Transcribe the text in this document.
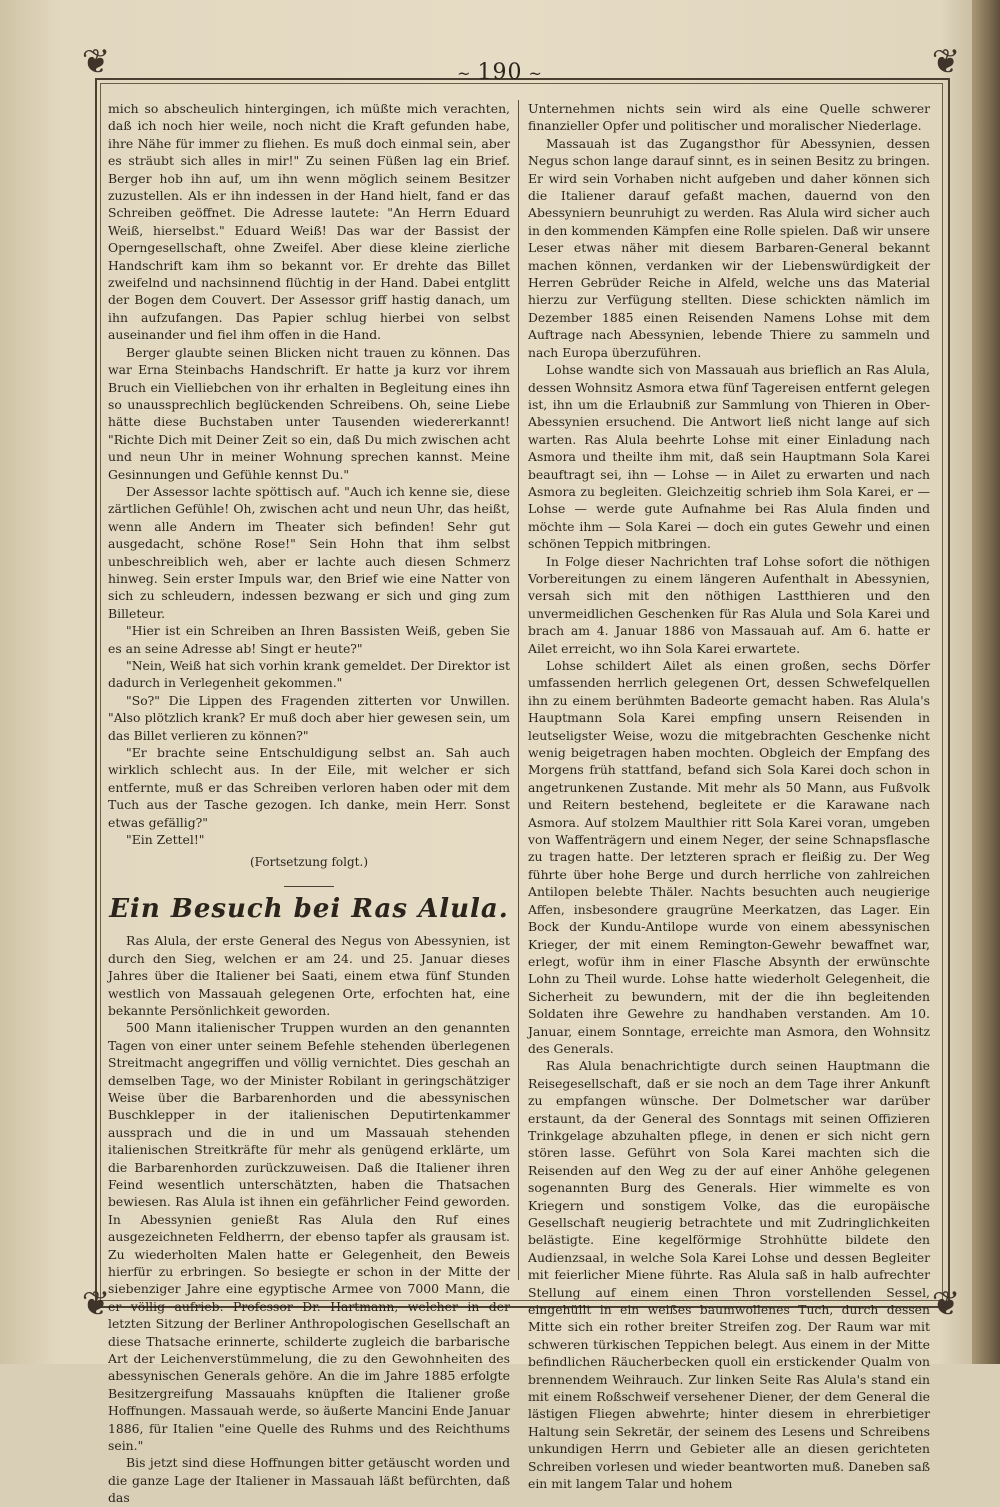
❦	❦
❦	❦
~ 190 ~

mich so abscheulich hintergingen, ich müßte mich verachten, daß ich noch hier weile, noch nicht die Kraft gefunden habe, ihre Nähe für immer zu fliehen. Es muß doch einmal sein, aber es sträubt sich alles in mir!" Zu seinen Füßen lag ein Brief. Berger hob ihn auf, um ihn wenn möglich seinem Besitzer zuzustellen. Als er ihn indessen in der Hand hielt, fand er das Schreiben geöffnet. Die Adresse lautete: "An Herrn Eduard Weiß, hierselbst." Eduard Weiß! Das war der Bassist der Operngesellschaft, ohne Zweifel. Aber diese kleine zierliche Handschrift kam ihm so bekannt vor. Er drehte das Billet zweifelnd und nachsinnend flüchtig in der Hand. Dabei entglitt der Bogen dem Couvert. Der Assessor griff hastig danach, um ihn aufzufangen. Das Papier schlug hierbei von selbst auseinander und fiel ihm offen in die Hand.

Berger glaubte seinen Blicken nicht trauen zu können. Das war Erna Steinbachs Handschrift. Er hatte ja kurz vor ihrem Bruch ein Vielliebchen von ihr erhalten in Begleitung eines ihn so unaussprechlich beglückenden Schreibens. Oh, seine Liebe hätte diese Buchstaben unter Tausenden wiedererkannt! "Richte Dich mit Deiner Zeit so ein, daß Du mich zwischen acht und neun Uhr in meiner Wohnung sprechen kannst. Meine Gesinnungen und Gefühle kennst Du."

Der Assessor lachte spöttisch auf. "Auch ich kenne sie, diese zärtlichen Gefühle! Oh, zwischen acht und neun Uhr, das heißt, wenn alle Andern im Theater sich befinden! Sehr gut ausgedacht, schöne Rose!" Sein Hohn that ihm selbst unbeschreiblich weh, aber er lachte auch diesen Schmerz hinweg. Sein erster Impuls war, den Brief wie eine Natter von sich zu schleudern, indessen bezwang er sich und ging zum Billeteur.

"Hier ist ein Schreiben an Ihren Bassisten Weiß, geben Sie es an seine Adresse ab! Singt er heute?"

"Nein, Weiß hat sich vorhin krank gemeldet. Der Direktor ist dadurch in Verlegenheit gekommen."

"So?" Die Lippen des Fragenden zitterten vor Unwillen. "Also plötzlich krank? Er muß doch aber hier gewesen sein, um das Billet verlieren zu können?"

"Er brachte seine Entschuldigung selbst an. Sah auch wirklich schlecht aus. In der Eile, mit welcher er sich entfernte, muß er das Schreiben verloren haben oder mit dem Tuch aus der Tasche gezogen. Ich danke, mein Herr. Sonst etwas gefällig?"

"Ein Zettel!"

(Fortsetzung folgt.)
Ein Besuch bei Ras Alula.

Ras Alula, der erste General des Negus von Abessynien, ist durch den Sieg, welchen er am 24. und 25. Januar dieses Jahres über die Italiener bei Saati, einem etwa fünf Stunden westlich von Massauah gelegenen Orte, erfochten hat, eine bekannte Persönlichkeit geworden.

500 Mann italienischer Truppen wurden an den genannten Tagen von einer unter seinem Befehle stehenden überlegenen Streitmacht angegriffen und völlig vernichtet. Dies geschah an demselben Tage, wo der Minister Robilant in geringschätziger Weise über die Barbarenhorden und die abessynischen Buschklepper in der italienischen Deputirtenkammer aussprach und die in und um Massauah stehenden italienischen Streitkräfte für mehr als genügend erklärte, um die Barbarenhorden zurückzuweisen. Daß die Italiener ihren Feind wesentlich unterschätzten, haben die Thatsachen bewiesen. Ras Alula ist ihnen ein gefährlicher Feind geworden. In Abessynien genießt Ras Alula den Ruf eines ausgezeichneten Feldherrn, der ebenso tapfer als grausam ist. Zu wiederholten Malen hatte er Gelegenheit, den Beweis hierfür zu erbringen. So besiegte er schon in der Mitte der siebenziger Jahre eine egyptische Armee von 7000 Mann, die er völlig aufrieb. Professor Dr. Hartmann, welcher in der letzten Sitzung der Berliner Anthropologischen Gesellschaft an diese Thatsache erinnerte, schilderte zugleich die barbarische Art der Leichenverstümmelung, die zu den Gewohnheiten des abessynischen Generals gehöre. An die im Jahre 1885 erfolgte Besitzergreifung Massauahs knüpften die Italiener große Hoffnungen. Massauah werde, so äußerte Mancini Ende Januar 1886, für Italien "eine Quelle des Ruhms und des Reichthums sein."

Bis jetzt sind diese Hoffnungen bitter getäuscht worden und die ganze Lage der Italiener in Massauah läßt befürchten, daß das

Unternehmen nichts sein wird als eine Quelle schwerer finanzieller Opfer und politischer und moralischer Niederlage.

Massauah ist das Zugangsthor für Abessynien, dessen Negus schon lange darauf sinnt, es in seinen Besitz zu bringen. Er wird sein Vorhaben nicht aufgeben und daher können sich die Italiener darauf gefaßt machen, dauernd von den Abessyniern beunruhigt zu werden. Ras Alula wird sicher auch in den kommenden Kämpfen eine Rolle spielen. Daß wir unsere Leser etwas näher mit diesem Barbaren-General bekannt machen können, verdanken wir der Liebenswürdigkeit der Herren Gebrüder Reiche in Alfeld, welche uns das Material hierzu zur Verfügung stellten. Diese schickten nämlich im Dezember 1885 einen Reisenden Namens Lohse mit dem Auftrage nach Abessynien, lebende Thiere zu sammeln und nach Europa überzuführen.

Lohse wandte sich von Massauah aus brieflich an Ras Alula, dessen Wohnsitz Asmora etwa fünf Tagereisen entfernt gelegen ist, ihn um die Erlaubniß zur Sammlung von Thieren in Ober-Abessynien ersuchend. Die Antwort ließ nicht lange auf sich warten. Ras Alula beehrte Lohse mit einer Einladung nach Asmora und theilte ihm mit, daß sein Hauptmann Sola Karei beauftragt sei, ihn — Lohse — in Ailet zu erwarten und nach Asmora zu begleiten. Gleichzeitig schrieb ihm Sola Karei, er — Lohse — werde gute Aufnahme bei Ras Alula finden und möchte ihm — Sola Karei — doch ein gutes Gewehr und einen schönen Teppich mitbringen.

In Folge dieser Nachrichten traf Lohse sofort die nöthigen Vorbereitungen zu einem längeren Aufenthalt in Abessynien, versah sich mit den nöthigen Lastthieren und den unvermeidlichen Geschenken für Ras Alula und Sola Karei und brach am 4. Januar 1886 von Massauah auf. Am 6. hatte er Ailet erreicht, wo ihn Sola Karei erwartete.

Lohse schildert Ailet als einen großen, sechs Dörfer umfassenden herrlich gelegenen Ort, dessen Schwefelquellen ihn zu einem berühmten Badeorte gemacht haben. Ras Alula's Hauptmann Sola Karei empfing unsern Reisenden in leutseligster Weise, wozu die mitgebrachten Geschenke nicht wenig beigetragen haben mochten. Obgleich der Empfang des Morgens früh stattfand, befand sich Sola Karei doch schon in angetrunkenen Zustande. Mit mehr als 50 Mann, aus Fußvolk und Reitern bestehend, begleitete er die Karawane nach Asmora. Auf stolzem Maulthier ritt Sola Karei voran, umgeben von Waffenträgern und einem Neger, der seine Schnapsflasche zu tragen hatte. Der letzteren sprach er fleißig zu. Der Weg führte über hohe Berge und durch herrliche von zahlreichen Antilopen belebte Thäler. Nachts besuchten auch neugierige Affen, insbesondere graugrüne Meerkatzen, das Lager. Ein Bock der Kundu-Antilope wurde von einem abessynischen Krieger, der mit einem Remington-Gewehr bewaffnet war, erlegt, wofür ihm in einer Flasche Absynth der erwünschte Lohn zu Theil wurde. Lohse hatte wiederholt Gelegenheit, die Sicherheit zu bewundern, mit der die ihn begleitenden Soldaten ihre Gewehre zu handhaben verstanden. Am 10. Januar, einem Sonntage, erreichte man Asmora, den Wohnsitz des Generals.

Ras Alula benachrichtigte durch seinen Hauptmann die Reisegesellschaft, daß er sie noch an dem Tage ihrer Ankunft zu empfangen wünsche. Der Dolmetscher war darüber erstaunt, da der General des Sonntags mit seinen Offizieren Trinkgelage abzuhalten pflege, in denen er sich nicht gern stören lasse. Geführt von Sola Karei machten sich die Reisenden auf den Weg zu der auf einer Anhöhe gelegenen sogenannten Burg des Generals. Hier wimmelte es von Kriegern und sonstigem Volke, das die europäische Gesellschaft neugierig betrachtete und mit Zudringlichkeiten belästigte. Eine kegelförmige Strohhütte bildete den Audienzsaal, in welche Sola Karei Lohse und dessen Begleiter mit feierlicher Miene führte. Ras Alula saß in halb aufrechter Stellung auf einem einen Thron vorstellenden Sessel, eingehüllt in ein weißes baumwollenes Tuch, durch dessen Mitte sich ein rother breiter Streifen zog. Der Raum war mit schweren türkischen Teppichen belegt. Aus einem in der Mitte befindlichen Räucherbecken quoll ein erstickender Qualm von brennendem Weihrauch. Zur linken Seite Ras Alula's stand ein mit einem Roßschweif versehener Diener, der dem General die lästigen Fliegen abwehrte; hinter diesem in ehrerbietiger Haltung sein Sekretär, der seinem des Lesens und Schreibens unkundigen Herrn und Gebieter alle an diesen gerichteten Schreiben vorlesen und wieder beantworten muß. Daneben saß ein mit langem Talar und hohem
